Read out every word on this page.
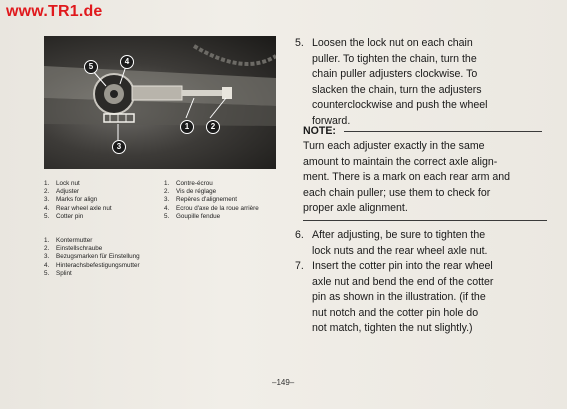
www.TR1.de
5
4
1	2
3
1. Lock nut
2. Adjuster
3. Marks for align
4. Rear wheel axle nut
5. Cotter pin
1. Contre-écrou
2. Vis de réglage
3. Repères d'alignement
4. Ecrou d'axe de la roue arrière
5. Goupille fendue
1. Kontermutter
2. Einstellschraube
3. Bezugsmarken für Einstellung
4. Hinterachsbefestigungsmutter
5. Splint
5. Loosen the lock nut on each chain
puller. To tighten the chain, turn the
chain puller adjusters clockwise. To
slacken the chain, turn the adjusters
counterclockwise and push the wheel
forward.
NOTE:
Turn each adjuster exactly in the same
amount to maintain the correct axle align-
ment. There is a mark on each rear arm and
each chain puller; use them to check for
proper axle alignment.
6. After adjusting, be sure to tighten the
lock nuts and the rear wheel axle nut.
7. Insert the cotter pin into the rear wheel
axle nut and bend the end of the cotter
pin as shown in the illustration. (if the
nut notch and the cotter pin hole do
not match, tighten the nut slightly.)
–149–
